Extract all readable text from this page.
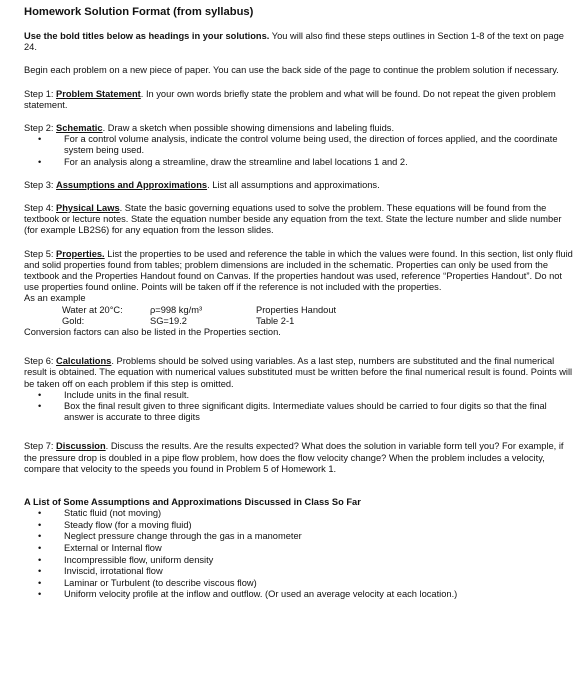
Homework Solution Format (from syllabus)

Use the bold titles below as headings in your solutions. You will also find these steps outlines in Section 1-8 of the text on page 24.

Begin each problem on a new piece of paper. You can use the back side of the page to continue the problem solution if necessary.

Step 1: Problem Statement. In your own words briefly state the problem and what will be found. Do not repeat the given problem statement.

Step 2: Schematic. Draw a sketch when possible showing dimensions and labeling fluids.
• For a control volume analysis, indicate the control volume being used, the direction of forces applied, and the coordinate system being used.
• For an analysis along a streamline, draw the streamline and label locations 1 and 2.

Step 3: Assumptions and Approximations. List all assumptions and approximations.

Step 4: Physical Laws. State the basic governing equations used to solve the problem. These equations will be found from the textbook or lecture notes. State the equation number beside any equation from the text. State the lecture number and slide number (for example LB2S6) for any equation from the lesson slides.

Step 5: Properties. List the properties to be used and reference the table in which the values were found. In this section, list only fluid and solid properties found from tables; problem dimensions are included in the schematic. Properties can only be used from the textbook and the Properties Handout found on Canvas. If the properties handout was used, reference “Properties Handout”. Do not use properties found online. Points will be taken off if the reference is not included with the properties.
As an example
Water at 20°C:	ρ=998 kg/m³	Properties Handout
Gold:	SG=19.2	Table 2-1
Conversion factors can also be listed in the Properties section.
Step 6: Calculations. Problems should be solved using variables. As a last step, numbers are substituted and the final numerical result is obtained. The equation with numerical values substituted must be written before the final numerical result is found. Points will be taken off on each problem if this step is omitted.
• Include units in the final result.
• Box the final result given to three significant digits. Intermediate values should be carried to four digits so that the final answer is accurate to three digits

Step 7: Discussion. Discuss the results. Are the results expected? What does the solution in variable form tell you? For example, if the pressure drop is doubled in a pipe flow problem, how does the flow velocity change? When the problem includes a velocity, compare that velocity to the speeds you found in Problem 5 of Homework 1.

A List of Some Assumptions and Approximations Discussed in Class So Far
• Static fluid (not moving)
• Steady flow (for a moving fluid)
• Neglect pressure change through the gas in a manometer
• External or Internal flow
• Incompressible flow, uniform density
• Inviscid, irrotational flow
• Laminar or Turbulent (to describe viscous flow)
• Uniform velocity profile at the inflow and outflow. (Or used an average velocity at each location.)
